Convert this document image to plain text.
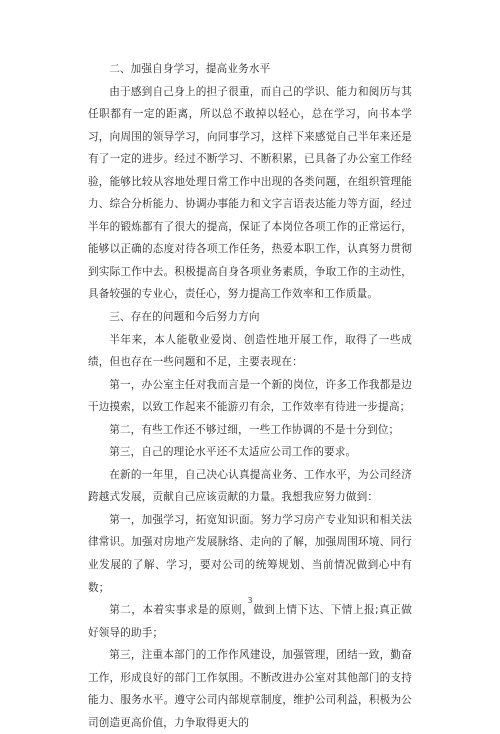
二、加强自身学习，提高业务水平

由于感到自己身上的担子很重，而自己的学识、能力和阅历与其任职都有一定的距离，所以总不敢掉以轻心，总在学习，向书本学习，向周围的领导学习，向同事学习，这样下来感觉自己半年来还是有了一定的进步。经过不断学习、不断积累，已具备了办公室工作经验，能够比较从容地处理日常工作中出现的各类问题，在组织管理能力、综合分析能力、协调办事能力和文字言语表达能力等方面，经过半年的锻炼都有了很大的提高，保证了本岗位各项工作的正常运行，能够以正确的态度对待各项工作任务，热爱本职工作，认真努力贯彻到实际工作中去。积极提高自身各项业务素质，争取工作的主动性，具备较强的专业心，责任心，努力提高工作效率和工作质量。

三、存在的问题和今后努力方向

半年来，本人能敬业爱岗、创造性地开展工作，取得了一些成绩，但也存在一些问题和不足，主要表现在：

第一，办公室主任对我而言是一个新的岗位，许多工作我都是边干边摸索，以致工作起来不能游刃有余，工作效率有待进一步提高；

第二，有些工作还不够过细，一些工作协调的不是十分到位；

第三，自己的理论水平还不太适应公司工作的要求。

在新的一年里，自己决心认真提高业务、工作水平，为公司经济跨越式发展，贡献自己应该贡献的力量。我想我应努力做到：

第一，加强学习，拓宽知识面。努力学习房产专业知识和相关法律常识。加强对房地产发展脉络、走向的了解，加强周围环境、同行业发展的了解、学习，要对公司的统筹规划、当前情况做到心中有数；

第二，本着实事求是的原则，做到上情下达、下情上报;真正做好领导的助手；

第三，注重本部门的工作作风建设，加强管理，团结一致，勤奋工作，形成良好的部门工作氛围。不断改进办公室对其他部门的支持能力、服务水平。遵守公司内部规章制度，维护公司利益，积极为公司创造更高价值，力争取得更大的

3
